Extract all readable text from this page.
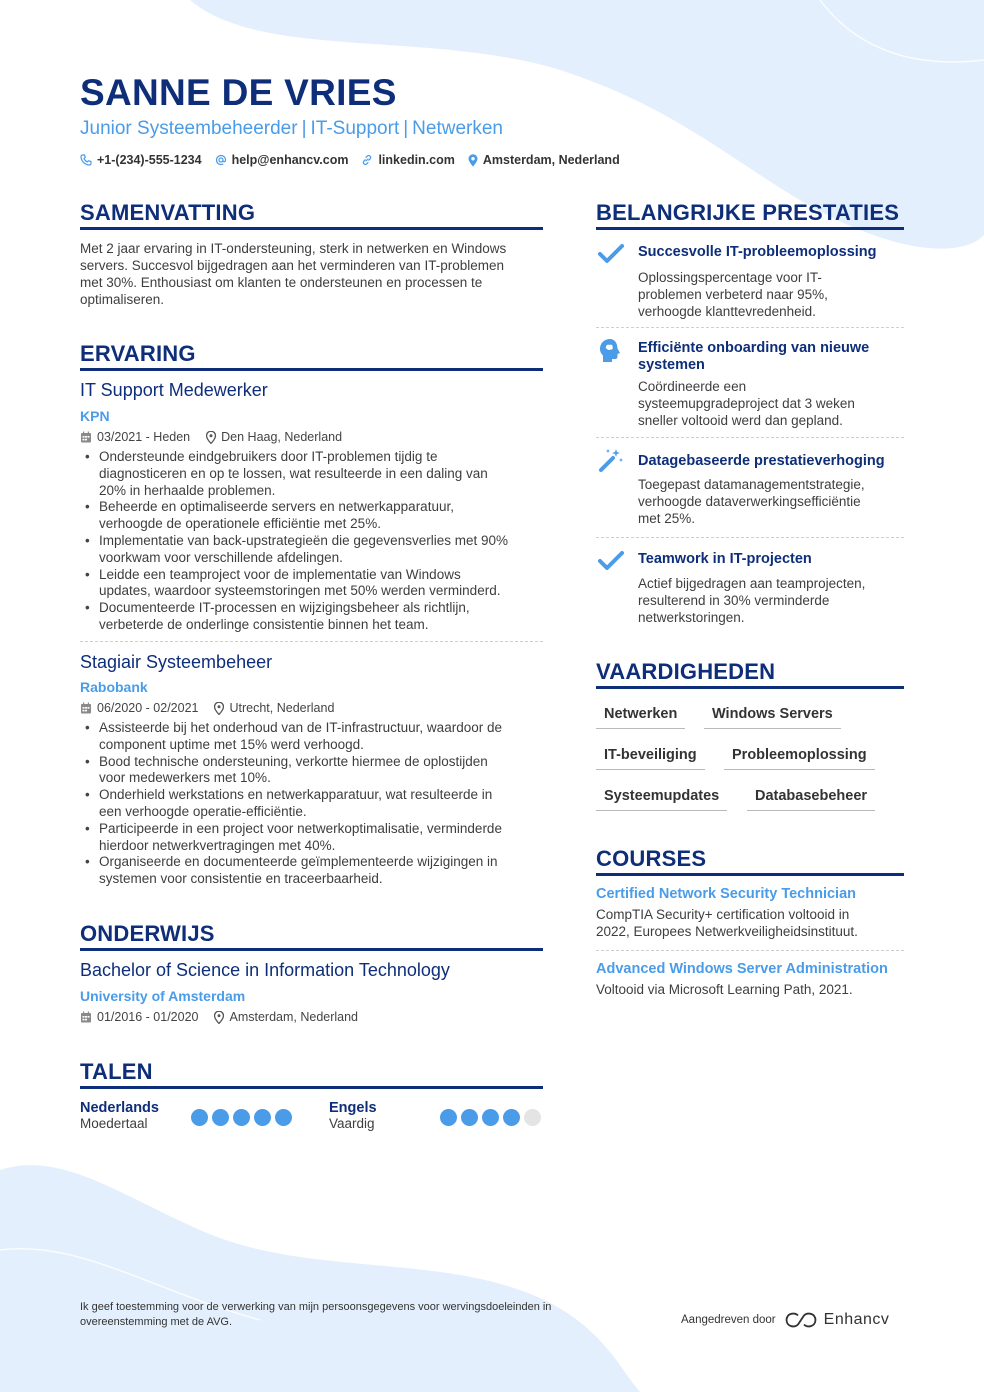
SANNE DE VRIES
Junior Systeembeheerder | IT-Support | Netwerken
+1-(234)-555-1234 help@enhancv.com linkedin.com Amsterdam, Nederland
SAMENVATTING
Met 2 jaar ervaring in IT-ondersteuning, sterk in netwerken en Windows
servers. Succesvol bijgedragen aan het verminderen van IT-problemen
met 30%. Enthousiast om klanten te ondersteunen en processen te
optimaliseren.
ERVARING
IT Support Medewerker
KPN
03/2021 - Heden Den Haag, Nederland
• Ondersteunde eindgebruikers door IT-problemen tijdig te
diagnosticeren en op te lossen, wat resulteerde in een daling van
20% in herhaalde problemen.
• Beheerde en optimaliseerde servers en netwerkapparatuur,
verhoogde de operationele efficiëntie met 25%.
• Implementatie van back-upstrategieën die gegevensverlies met 90%
voorkwam voor verschillende afdelingen.
• Leidde een teamproject voor de implementatie van Windows
updates, waardoor systeemstoringen met 50% werden verminderd.
• Documenteerde IT-processen en wijzigingsbeheer als richtlijn,
verbeterde de onderlinge consistentie binnen het team.
Stagiair Systeembeheer
Rabobank
06/2020 - 02/2021 Utrecht, Nederland
• Assisteerde bij het onderhoud van de IT-infrastructuur, waardoor de
component uptime met 15% werd verhoogd.
• Bood technische ondersteuning, verkortte hiermee de oplostijden
voor medewerkers met 10%.
• Onderhield werkstations en netwerkapparatuur, wat resulteerde in
een verhoogde operatie-efficiëntie.
• Participeerde in een project voor netwerkoptimalisatie, verminderde
hierdoor netwerkvertragingen met 40%.
• Organiseerde en documenteerde geïmplementeerde wijzigingen in
systemen voor consistentie en traceerbaarheid.
ONDERWIJS
Bachelor of Science in Information Technology
University of Amsterdam
01/2016 - 01/2020 Amsterdam, Nederland
TALEN
Nederlands
Moedertaal
Engels
Vaardig
BELANGRIJKE PRESTATIES
Succesvolle IT-probleemoplossing
Oplossingspercentage voor IT-
problemen verbeterd naar 95%,
verhoogde klanttevredenheid.
Efficiënte onboarding van nieuwe
systemen
Coördineerde een
systeemupgradeproject dat 3 weken
sneller voltooid werd dan gepland.
Datagebaseerde prestatieverhoging
Toegepast datamanagementstrategie,
verhoogde dataverwerkingsefficiëntie
met 25%.
Teamwork in IT-projecten
Actief bijgedragen aan teamprojecten,
resulterend in 30% verminderde
netwerkstoringen.
VAARDIGHEDEN
Netwerken	Windows Servers
IT-beveiliging	Probleemoplossing
Systeemupdates	Databasebeheer
COURSES
Certified Network Security Technician
CompTIA Security+ certification voltooid in
2022, Europees Netwerkveiligheidsinstituut.
Advanced Windows Server Administration
Voltooid via Microsoft Learning Path, 2021.
Ik geef toestemming voor de verwerking van mijn persoonsgegevens voor wervingsdoeleinden in
overeenstemming met de AVG.	Aangedreven door	Enhancv
